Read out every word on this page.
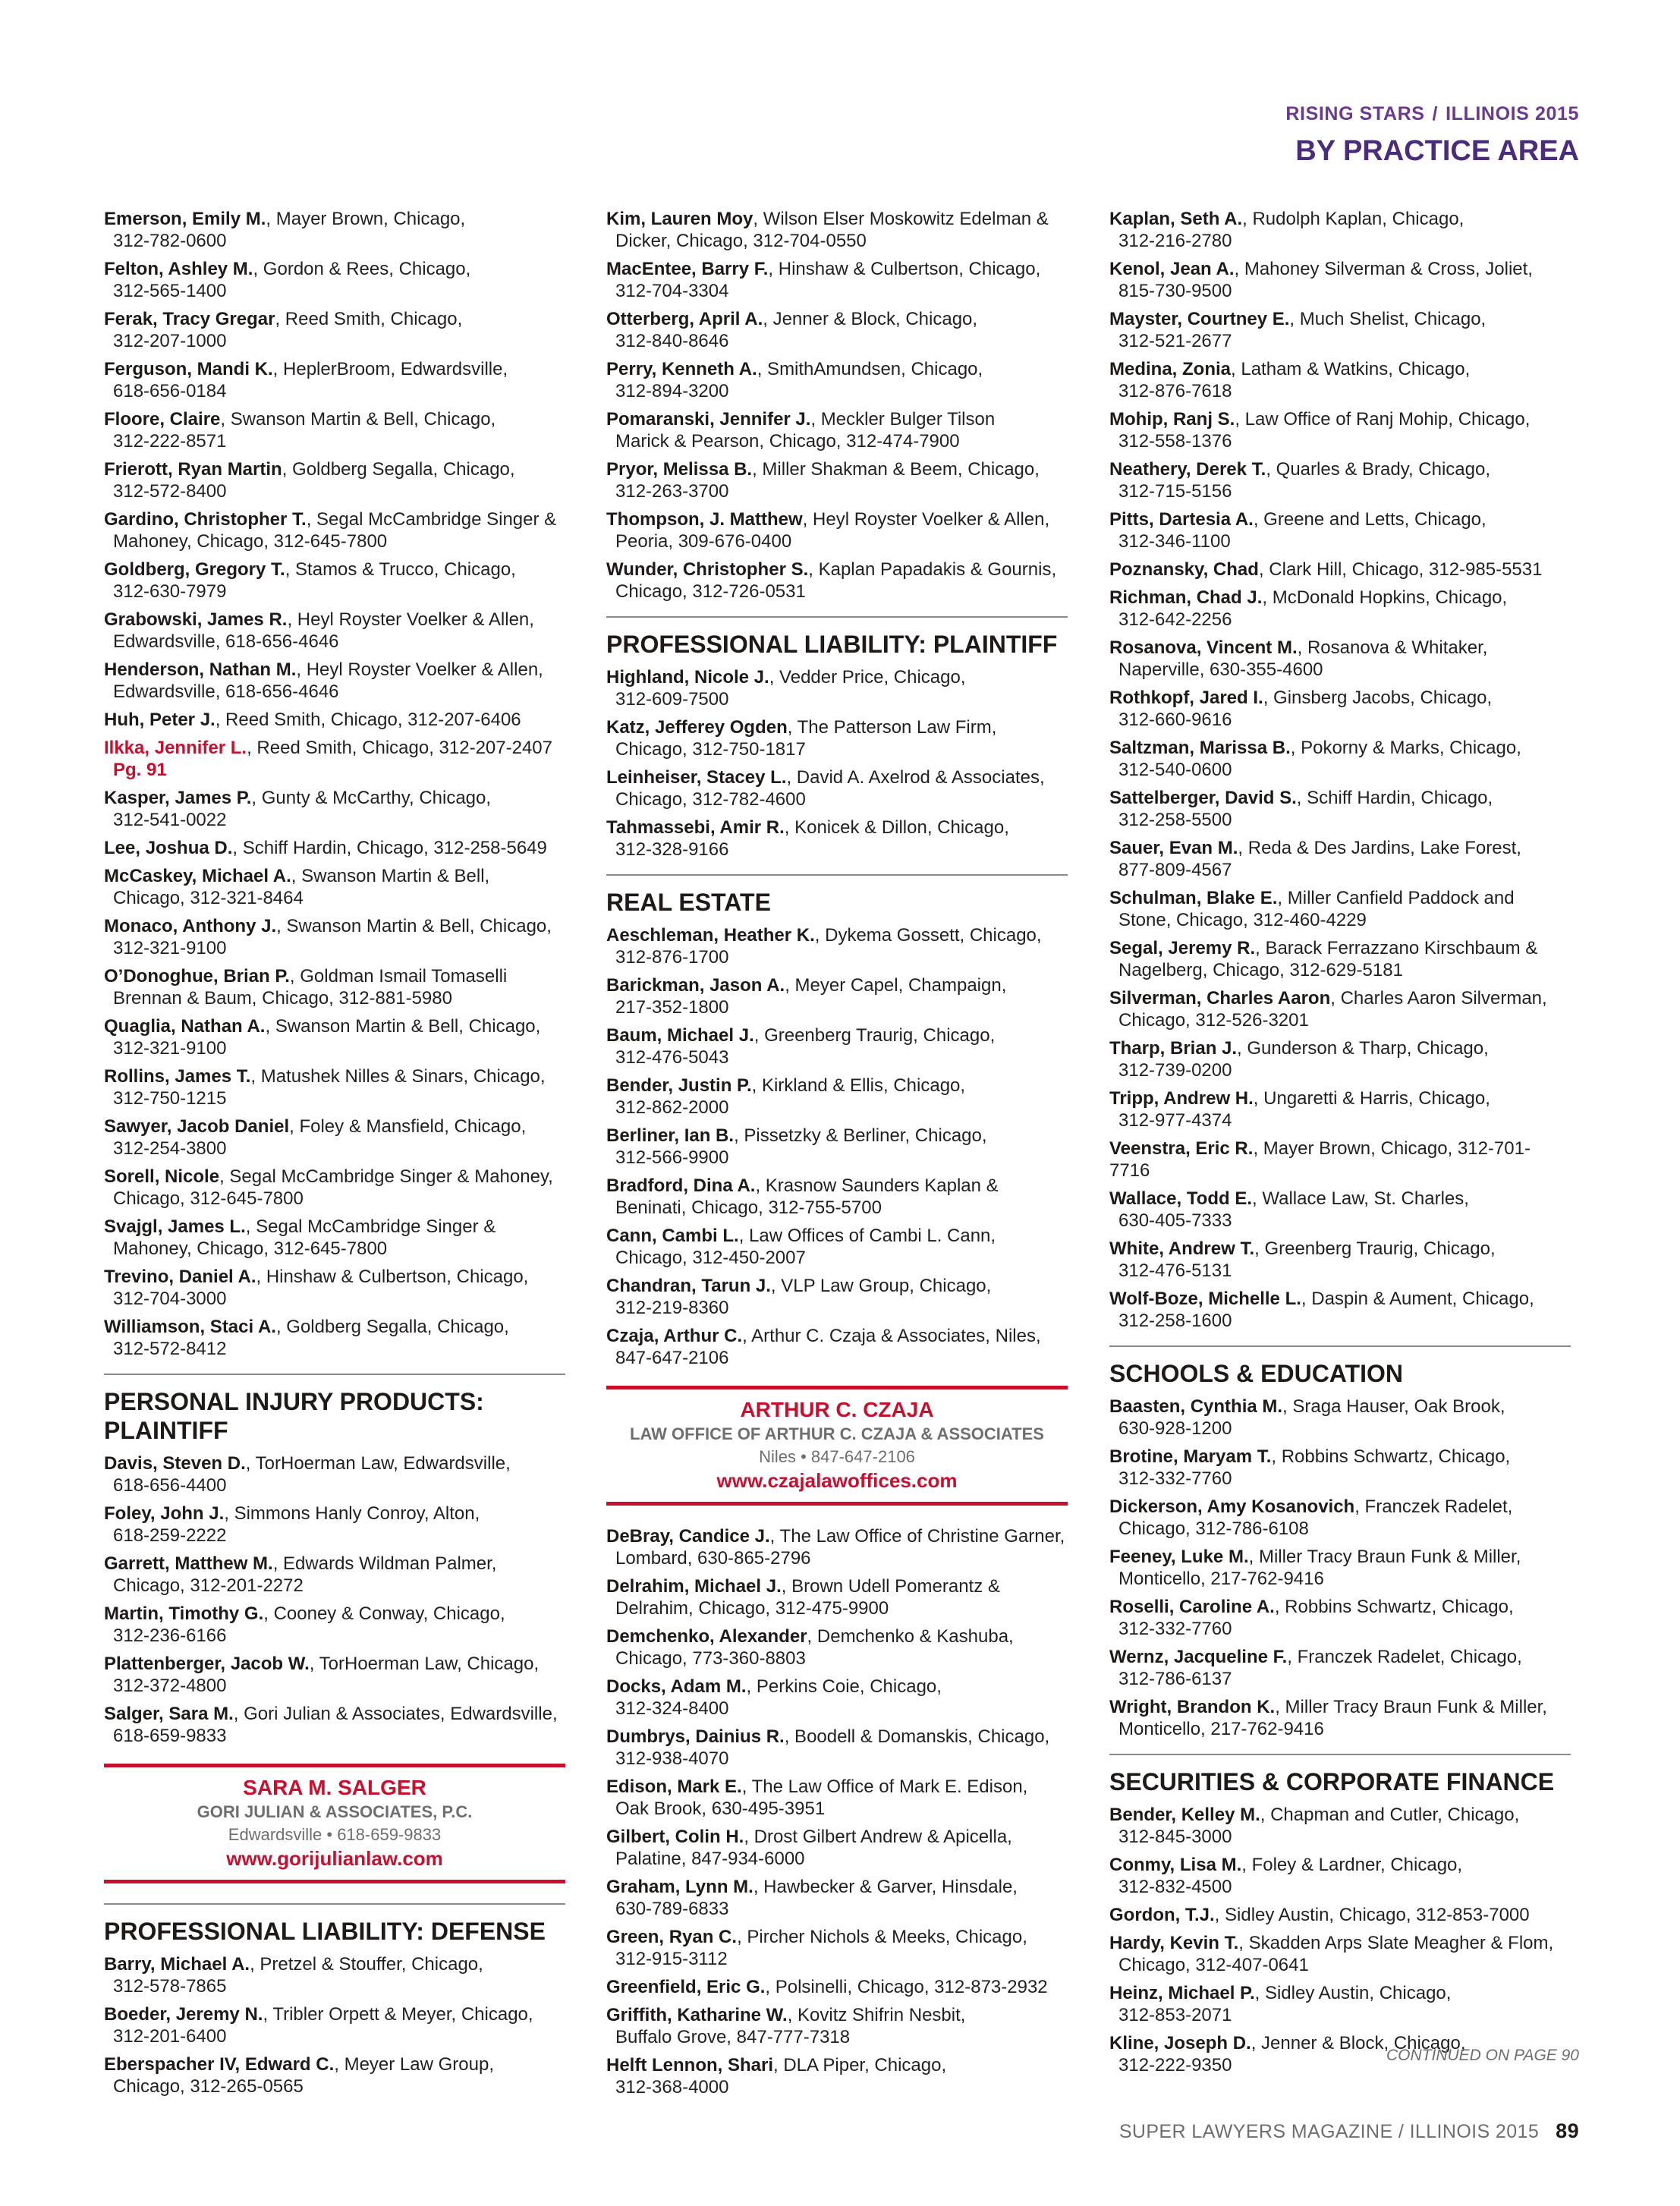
RISING STARS / ILLINOIS 2015
BY PRACTICE AREA
Emerson, Emily M., Mayer Brown, Chicago,
312-782-0600
Felton, Ashley M., Gordon & Rees, Chicago,
312-565-1400
Ferak, Tracy Gregar, Reed Smith, Chicago,
312-207-1000
Ferguson, Mandi K., HeplerBroom, Edwardsville,
618-656-0184
Floore, Claire, Swanson Martin & Bell, Chicago,
312-222-8571
Frierott, Ryan Martin, Goldberg Segalla, Chicago,
312-572-8400
Gardino, Christopher T., Segal McCambridge Singer &
Mahoney, Chicago, 312-645-7800
Goldberg, Gregory T., Stamos & Trucco, Chicago,
312-630-7979
Grabowski, James R., Heyl Royster Voelker & Allen,
Edwardsville, 618-656-4646
Henderson, Nathan M., Heyl Royster Voelker & Allen,
Edwardsville, 618-656-4646
Huh, Peter J., Reed Smith, Chicago, 312-207-6406
Ilkka, Jennifer L., Reed Smith, Chicago, 312-207-2407
Pg. 91
Kasper, James P., Gunty & McCarthy, Chicago,
312-541-0022
Lee, Joshua D., Schiff Hardin, Chicago, 312-258-5649
McCaskey, Michael A., Swanson Martin & Bell,
Chicago, 312-321-8464
Monaco, Anthony J., Swanson Martin & Bell, Chicago,
312-321-9100
O’Donoghue, Brian P., Goldman Ismail Tomaselli
Brennan & Baum, Chicago, 312-881-5980
Quaglia, Nathan A., Swanson Martin & Bell, Chicago,
312-321-9100
Rollins, James T., Matushek Nilles & Sinars, Chicago,
312-750-1215
Sawyer, Jacob Daniel, Foley & Mansfield, Chicago,
312-254-3800
Sorell, Nicole, Segal McCambridge Singer & Mahoney,
Chicago, 312-645-7800
Svajgl, James L., Segal McCambridge Singer &
Mahoney, Chicago, 312-645-7800
Trevino, Daniel A., Hinshaw & Culbertson, Chicago,
312-704-3000
Williamson, Staci A., Goldberg Segalla, Chicago,
312-572-8412
PERSONAL INJURY PRODUCTS: PLAINTIFF
Davis, Steven D., TorHoerman Law, Edwardsville,
618-656-4400
Foley, John J., Simmons Hanly Conroy, Alton,
618-259-2222
Garrett, Matthew M., Edwards Wildman Palmer,
Chicago, 312-201-2272
Martin, Timothy G., Cooney & Conway, Chicago,
312-236-6166
Plattenberger, Jacob W., TorHoerman Law, Chicago,
312-372-4800
Salger, Sara M., Gori Julian & Associates, Edwardsville,
618-659-9833
SARA M. SALGER
GORI JULIAN & ASSOCIATES, P.C.
Edwardsville • 618-659-9833
www.gorijulianlaw.com
PROFESSIONAL LIABILITY: DEFENSE
Barry, Michael A., Pretzel & Stouffer, Chicago,
312-578-7865
Boeder, Jeremy N., Tribler Orpett & Meyer, Chicago,
312-201-6400
Eberspacher IV, Edward C., Meyer Law Group,
Chicago, 312-265-0565
Kim, Lauren Moy, Wilson Elser Moskowitz Edelman &
Dicker, Chicago, 312-704-0550
MacEntee, Barry F., Hinshaw & Culbertson, Chicago,
312-704-3304
Otterberg, April A., Jenner & Block, Chicago,
312-840-8646
Perry, Kenneth A., SmithAmundsen, Chicago,
312-894-3200
Pomaranski, Jennifer J., Meckler Bulger Tilson
Marick & Pearson, Chicago, 312-474-7900
Pryor, Melissa B., Miller Shakman & Beem, Chicago,
312-263-3700
Thompson, J. Matthew, Heyl Royster Voelker & Allen,
Peoria, 309-676-0400
Wunder, Christopher S., Kaplan Papadakis & Gournis,
Chicago, 312-726-0531
PROFESSIONAL LIABILITY: PLAINTIFF
Highland, Nicole J., Vedder Price, Chicago,
312-609-7500
Katz, Jefferey Ogden, The Patterson Law Firm,
Chicago, 312-750-1817
Leinheiser, Stacey L., David A. Axelrod & Associates,
Chicago, 312-782-4600
Tahmassebi, Amir R., Konicek & Dillon, Chicago,
312-328-9166
REAL ESTATE
Aeschleman, Heather K., Dykema Gossett, Chicago,
312-876-1700
Barickman, Jason A., Meyer Capel, Champaign,
217-352-1800
Baum, Michael J., Greenberg Traurig, Chicago,
312-476-5043
Bender, Justin P., Kirkland & Ellis, Chicago,
312-862-2000
Berliner, Ian B., Pissetzky & Berliner, Chicago,
312-566-9900
Bradford, Dina A., Krasnow Saunders Kaplan &
Beninati, Chicago, 312-755-5700
Cann, Cambi L., Law Offices of Cambi L. Cann,
Chicago, 312-450-2007
Chandran, Tarun J., VLP Law Group, Chicago,
312-219-8360
Czaja, Arthur C., Arthur C. Czaja & Associates, Niles,
847-647-2106
ARTHUR C. CZAJA
LAW OFFICE OF ARTHUR C. CZAJA & ASSOCIATES
Niles • 847-647-2106
www.czajalawoffices.com
DeBray, Candice J., The Law Office of Christine Garner,
Lombard, 630-865-2796
Delrahim, Michael J., Brown Udell Pomerantz &
Delrahim, Chicago, 312-475-9900
Demchenko, Alexander, Demchenko & Kashuba,
Chicago, 773-360-8803
Docks, Adam M., Perkins Coie, Chicago,
312-324-8400
Dumbrys, Dainius R., Boodell & Domanskis, Chicago,
312-938-4070
Edison, Mark E., The Law Office of Mark E. Edison,
Oak Brook, 630-495-3951
Gilbert, Colin H., Drost Gilbert Andrew & Apicella,
Palatine, 847-934-6000
Graham, Lynn M., Hawbecker & Garver, Hinsdale,
630-789-6833
Green, Ryan C., Pircher Nichols & Meeks, Chicago,
312-915-3112
Greenfield, Eric G., Polsinelli, Chicago, 312-873-2932
Griffith, Katharine W., Kovitz Shifrin Nesbit,
Buffalo Grove, 847-777-7318
Helft Lennon, Shari, DLA Piper, Chicago,
312-368-4000
Kaplan, Seth A., Rudolph Kaplan, Chicago,
312-216-2780
Kenol, Jean A., Mahoney Silverman & Cross, Joliet,
815-730-9500
Mayster, Courtney E., Much Shelist, Chicago,
312-521-2677
Medina, Zonia, Latham & Watkins, Chicago,
312-876-7618
Mohip, Ranj S., Law Office of Ranj Mohip, Chicago,
312-558-1376
Neathery, Derek T., Quarles & Brady, Chicago,
312-715-5156
Pitts, Dartesia A., Greene and Letts, Chicago,
312-346-1100
Poznansky, Chad, Clark Hill, Chicago, 312-985-5531
Richman, Chad J., McDonald Hopkins, Chicago,
312-642-2256
Rosanova, Vincent M., Rosanova & Whitaker,
Naperville, 630-355-4600
Rothkopf, Jared I., Ginsberg Jacobs, Chicago,
312-660-9616
Saltzman, Marissa B., Pokorny & Marks, Chicago,
312-540-0600
Sattelberger, David S., Schiff Hardin, Chicago,
312-258-5500
Sauer, Evan M., Reda & Des Jardins, Lake Forest,
877-809-4567
Schulman, Blake E., Miller Canfield Paddock and
Stone, Chicago, 312-460-4229
Segal, Jeremy R., Barack Ferrazzano Kirschbaum &
Nagelberg, Chicago, 312-629-5181
Silverman, Charles Aaron, Charles Aaron Silverman,
Chicago, 312-526-3201
Tharp, Brian J., Gunderson & Tharp, Chicago,
312-739-0200
Tripp, Andrew H., Ungaretti & Harris, Chicago,
312-977-4374
Veenstra, Eric R., Mayer Brown, Chicago, 312-701-7716
Wallace, Todd E., Wallace Law, St. Charles,
630-405-7333
White, Andrew T., Greenberg Traurig, Chicago,
312-476-5131
Wolf-Boze, Michelle L., Daspin & Aument, Chicago,
312-258-1600
SCHOOLS & EDUCATION
Baasten, Cynthia M., Sraga Hauser, Oak Brook,
630-928-1200
Brotine, Maryam T., Robbins Schwartz, Chicago,
312-332-7760
Dickerson, Amy Kosanovich, Franczek Radelet,
Chicago, 312-786-6108
Feeney, Luke M., Miller Tracy Braun Funk & Miller,
Monticello, 217-762-9416
Roselli, Caroline A., Robbins Schwartz, Chicago,
312-332-7760
Wernz, Jacqueline F., Franczek Radelet, Chicago,
312-786-6137
Wright, Brandon K., Miller Tracy Braun Funk & Miller,
Monticello, 217-762-9416
SECURITIES & CORPORATE FINANCE
Bender, Kelley M., Chapman and Cutler, Chicago,
312-845-3000
Conmy, Lisa M., Foley & Lardner, Chicago,
312-832-4500
Gordon, T.J., Sidley Austin, Chicago, 312-853-7000
Hardy, Kevin T., Skadden Arps Slate Meagher & Flom,
Chicago, 312-407-0641
Heinz, Michael P., Sidley Austin, Chicago,
312-853-2071
Kline, Joseph D., Jenner & Block, Chicago,
312-222-9350	CONTINUED ON PAGE 90
SUPER LAWYERS MAGAZINE / ILLINOIS 2015 89
